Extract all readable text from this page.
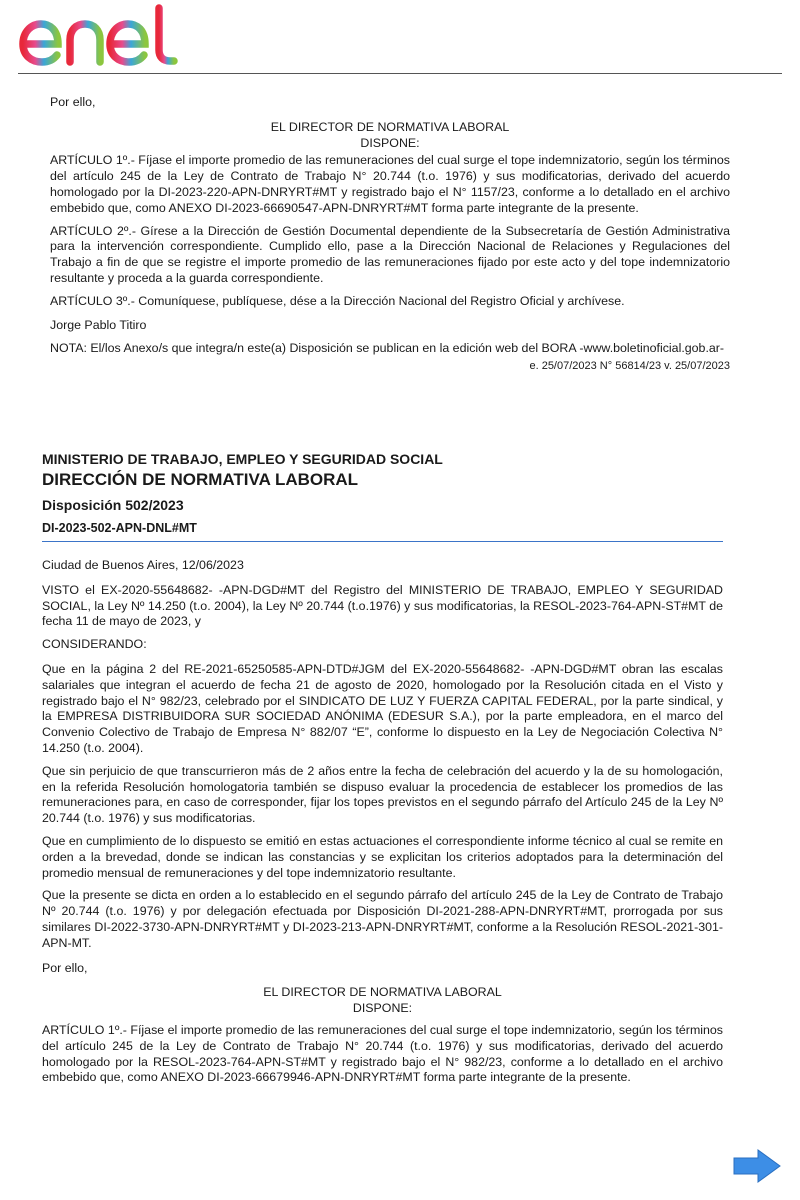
Por ello,

EL DIRECTOR DE NORMATIVA LABORAL

DISPONE:

ARTÍCULO 1º.- Fíjase el importe promedio de las remuneraciones del cual surge el tope indemnizatorio, según los términos del artículo 245 de la Ley de Contrato de Trabajo N° 20.744 (t.o. 1976) y sus modificatorias, derivado del acuerdo homologado por la DI-2023-220-APN-DNRYRT#MT y registrado bajo el N° 1157/23, conforme a lo detallado en el archivo embebido que, como ANEXO DI-2023-66690547-APN-DNRYRT#MT forma parte integrante de la presente.

ARTÍCULO 2º.- Gírese a la Dirección de Gestión Documental dependiente de la Subsecretaría de Gestión Administrativa para la intervención correspondiente. Cumplido ello, pase a la Dirección Nacional de Relaciones y Regulaciones del Trabajo a fin de que se registre el importe promedio de las remuneraciones fijado por este acto y del tope indemnizatorio resultante y proceda a la guarda correspondiente.

ARTÍCULO 3º.- Comuníquese, publíquese, dése a la Dirección Nacional del Registro Oficial y archívese.

Jorge Pablo Titiro

NOTA: El/los Anexo/s que integra/n este(a) Disposición se publican en la edición web del BORA -www.boletinoficial.gob.ar-

e. 25/07/2023 N° 56814/23 v. 25/07/2023

MINISTERIO DE TRABAJO, EMPLEO Y SEGURIDAD SOCIAL

DIRECCIÓN DE NORMATIVA LABORAL

Disposición 502/2023

DI-2023-502-APN-DNL#MT

Ciudad de Buenos Aires, 12/06/2023

VISTO el EX-2020-55648682- -APN-DGD#MT del Registro del MINISTERIO DE TRABAJO, EMPLEO Y SEGURIDAD SOCIAL, la Ley Nº 14.250 (t.o. 2004), la Ley Nº 20.744 (t.o.1976) y sus modificatorias, la RESOL-2023-764-APN-ST#MT de fecha 11 de mayo de 2023, y

CONSIDERANDO:

Que en la página 2 del RE-2021-65250585-APN-DTD#JGM del EX-2020-55648682- -APN-DGD#MT obran las escalas salariales que integran el acuerdo de fecha 21 de agosto de 2020, homologado por la Resolución citada en el Visto y registrado bajo el N° 982/23, celebrado por el SINDICATO DE LUZ Y FUERZA CAPITAL FEDERAL, por la parte sindical, y la EMPRESA DISTRIBUIDORA SUR SOCIEDAD ANÓNIMA (EDESUR S.A.), por la parte empleadora, en el marco del Convenio Colectivo de Trabajo de Empresa N° 882/07 “E”, conforme lo dispuesto en la Ley de Negociación Colectiva N° 14.250 (t.o. 2004).

Que sin perjuicio de que transcurrieron más de 2 años entre la fecha de celebración del acuerdo y la de su homologación, en la referida Resolución homologatoria también se dispuso evaluar la procedencia de establecer los promedios de las remuneraciones para, en caso de corresponder, fijar los topes previstos en el segundo párrafo del Artículo 245 de la Ley Nº 20.744 (t.o. 1976) y sus modificatorias.

Que en cumplimiento de lo dispuesto se emitió en estas actuaciones el correspondiente informe técnico al cual se remite en orden a la brevedad, donde se indican las constancias y se explicitan los criterios adoptados para la determinación del promedio mensual de remuneraciones y del tope indemnizatorio resultante.

Que la presente se dicta en orden a lo establecido en el segundo párrafo del artículo 245 de la Ley de Contrato de Trabajo Nº 20.744 (t.o. 1976) y por delegación efectuada por Disposición DI-2021-288-APN-DNRYRT#MT, prorrogada por sus similares DI-2022-3730-APN-DNRYRT#MT y DI-2023-213-APN-DNRYRT#MT, conforme a la Resolución RESOL-2021-301-APN-MT.

Por ello,

EL DIRECTOR DE NORMATIVA LABORAL

DISPONE:

ARTÍCULO 1º.- Fíjase el importe promedio de las remuneraciones del cual surge el tope indemnizatorio, según los términos del artículo 245 de la Ley de Contrato de Trabajo N° 20.744 (t.o. 1976) y sus modificatorias, derivado del acuerdo homologado por la RESOL-2023-764-APN-ST#MT y registrado bajo el N° 982/23, conforme a lo detallado en el archivo embebido que, como ANEXO DI-2023-66679946-APN-DNRYRT#MT forma parte integrante de la presente.
